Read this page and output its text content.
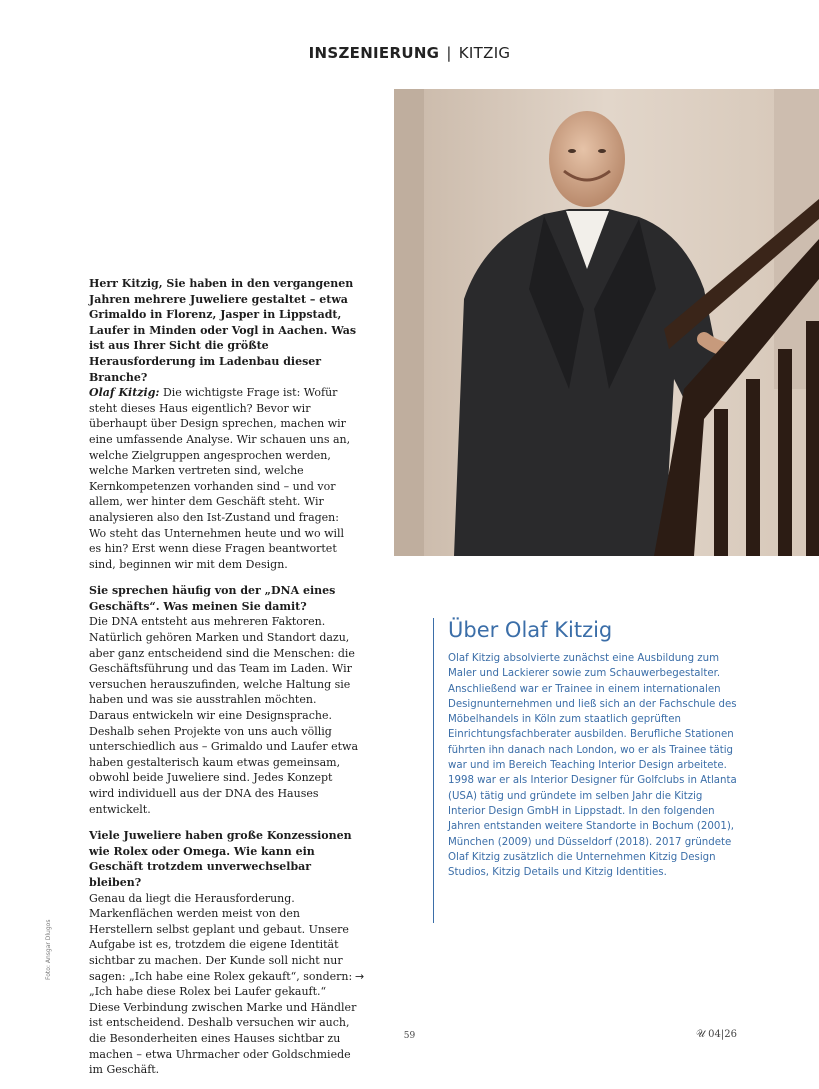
INSZENIERUNG | KITZIG
Herr Kitzig, Sie haben in den vergangenen Jahren mehrere Juweliere gestaltet – etwa Grimaldo in Florenz, Jasper in Lippstadt, Laufer in Minden oder Vogl in Aachen. Was ist aus Ihrer Sicht die größte Herausforderung im Ladenbau dieser Branche?
Olaf Kitzig: Die wichtigste Frage ist: Wofür steht dieses Haus eigentlich? Bevor wir überhaupt über Design sprechen, machen wir eine umfassende Analyse. Wir schauen uns an, welche Zielgruppen angesprochen werden, welche Marken vertreten sind, welche Kernkompetenzen vorhanden sind – und vor allem, wer hinter dem Geschäft steht. Wir analysieren also den Ist-Zustand und fragen: Wo steht das Unternehmen heute und wo will es hin? Erst wenn diese Fragen beantwortet sind, beginnen wir mit dem Design.
Sie sprechen häufig von der „DNA eines Geschäfts“. Was meinen Sie damit?
Die DNA entsteht aus mehreren Faktoren. Natürlich gehören Marken und Standort dazu, aber ganz entscheidend sind die Menschen: die Geschäftsführung und das Team im Laden. Wir versuchen herauszufinden, welche Haltung sie haben und was sie ausstrahlen möchten. Daraus entwickeln wir eine Designsprache. Deshalb sehen Projekte von uns auch völlig unterschiedlich aus – Grimaldo und Laufer etwa haben gestalterisch kaum etwas gemeinsam, obwohl beide Juweliere sind. Jedes Konzept wird individuell aus der DNA des Hauses entwickelt.
Viele Juweliere haben große Konzessionen wie Rolex oder Omega. Wie kann ein Geschäft trotzdem unverwechselbar bleiben?
Genau da liegt die Herausforderung. Markenflächen werden meist von den Herstellern selbst geplant und gebaut. Unsere Aufgabe ist es, trotzdem die eigene Identität sichtbar zu machen. Der Kunde soll nicht nur sagen: „Ich habe eine Rolex gekauft“, sondern: „Ich habe diese Rolex bei Laufer gekauft.“ Diese Verbindung zwischen Marke und Händler ist entscheidend. Deshalb versuchen wir auch, die Besonderheiten eines Hauses sichtbar zu machen – etwa Uhrmacher oder Goldschmiede im Geschäft.
→
Foto: Ansgar Dlugos
Über Olaf Kitzig

Olaf Kitzig absolvierte zunächst eine Ausbildung zum Maler und Lackierer sowie zum Schauwerbegestalter. Anschließend war er Trainee in einem internationalen Designunternehmen und ließ sich an der Fachschule des Möbelhandels in Köln zum staatlich geprüften Einrichtungsfachberater ausbilden. Berufliche Stationen führten ihn danach nach London, wo er als Trainee tätig war und im Bereich Teaching Interior Design arbeitete. 1998 war er als Interior Designer für Golfclubs in Atlanta (USA) tätig und gründete im selben Jahr die Kitzig Interior Design GmbH in Lippstadt. In den folgenden Jahren entstanden weitere Standorte in Bochum (2001), München (2009) und Düsseldorf (2018). 2017 gründete Olaf Kitzig zusätzlich die Unternehmen Kitzig Design Studios, Kitzig Details und Kitzig Identities.

59	𝒰 04|26
